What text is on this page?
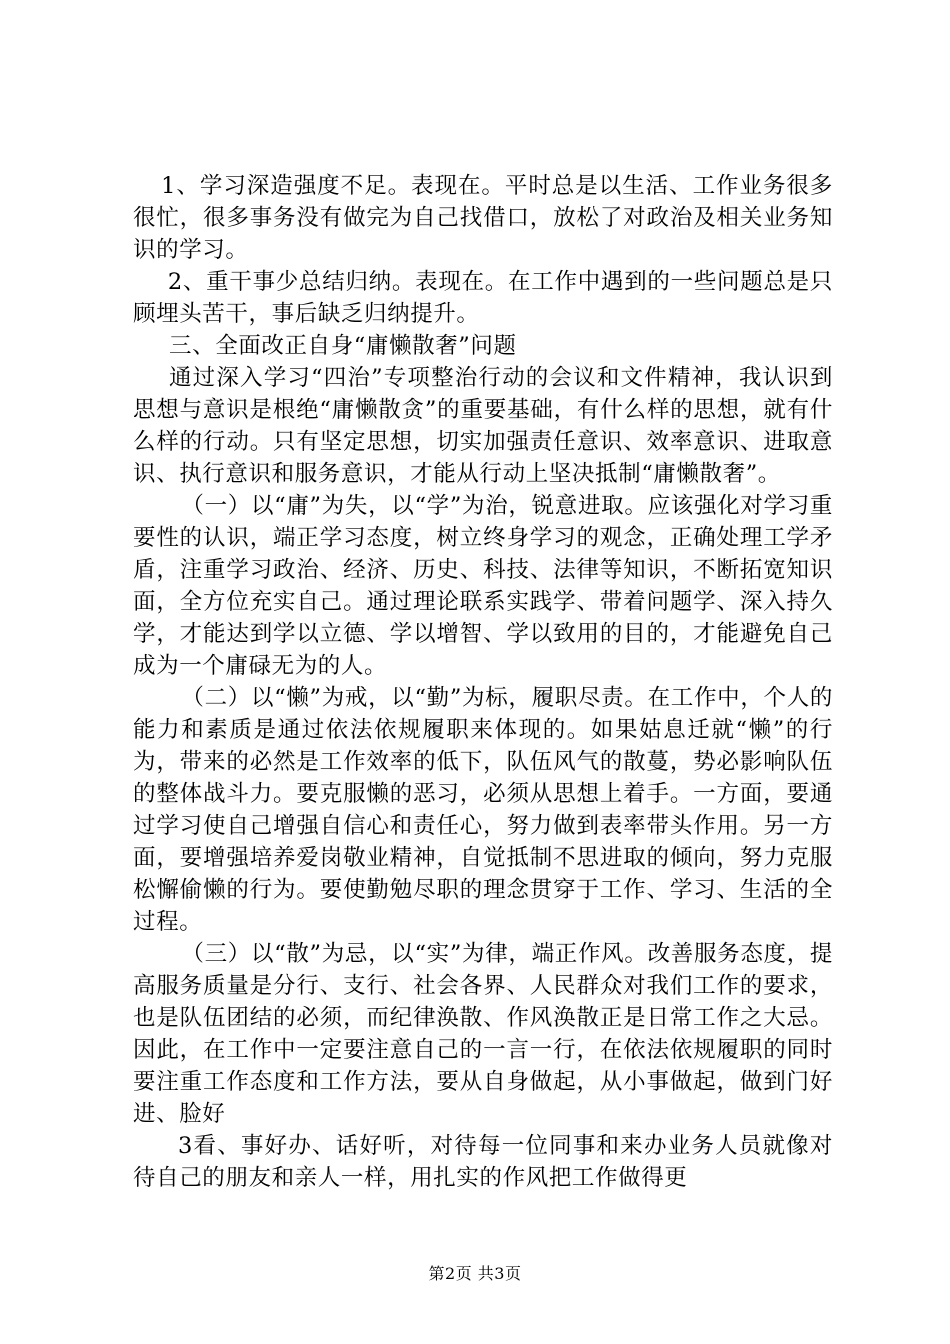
1、学习深造强度不足。表现在。平时总是以生活、工作业务很多很忙，很多事务没有做完为自己找借口，放松了对政治及相关业务知识的学习。

2、重干事少总结归纳。表现在。在工作中遇到的一些问题总是只顾埋头苦干，事后缺乏归纳提升。

三、全面改正自身“庸懒散奢”问题

通过深入学习“四治”专项整治行动的会议和文件精神，我认识到思想与意识是根绝“庸懒散贪”的重要基础，有什么样的思想，就有什么样的行动。只有坚定思想，切实加强责任意识、效率意识、进取意识、执行意识和服务意识，才能从行动上坚决抵制“庸懒散奢”。

（一）以“庸”为失，以“学”为治，锐意进取。应该强化对学习重要性的认识，端正学习态度，树立终身学习的观念，正确处理工学矛盾，注重学习政治、经济、历史、科技、法律等知识，不断拓宽知识面，全方位充实自己。通过理论联系实践学、带着问题学、深入持久学，才能达到学以立德、学以增智、学以致用的目的，才能避免自己成为一个庸碌无为的人。

（二）以“懒”为戒，以“勤”为标，履职尽责。在工作中，个人的能力和素质是通过依法依规履职来体现的。如果姑息迁就“懒”的行为，带来的必然是工作效率的低下，队伍风气的散蔓，势必影响队伍的整体战斗力。要克服懒的恶习，必须从思想上着手。一方面，要通过学习使自己增强自信心和责任心，努力做到表率带头作用。另一方面，要增强培养爱岗敬业精神，自觉抵制不思进取的倾向，努力克服松懈偷懒的行为。要使勤勉尽职的理念贯穿于工作、学习、生活的全过程。

（三）以“散”为忌，以“实”为律，端正作风。改善服务态度，提高服务质量是分行、支行、社会各界、人民群众对我们工作的要求，也是队伍团结的必须，而纪律涣散、作风涣散正是日常工作之大忌。因此，在工作中一定要注意自己的一言一行，在依法依规履职的同时要注重工作态度和工作方法，要从自身做起，从小事做起，做到门好进、脸好

3看、事好办、话好听，对待每一位同事和来办业务人员就像对待自己的朋友和亲人一样，用扎实的作风把工作做得更

第2页 共3页
